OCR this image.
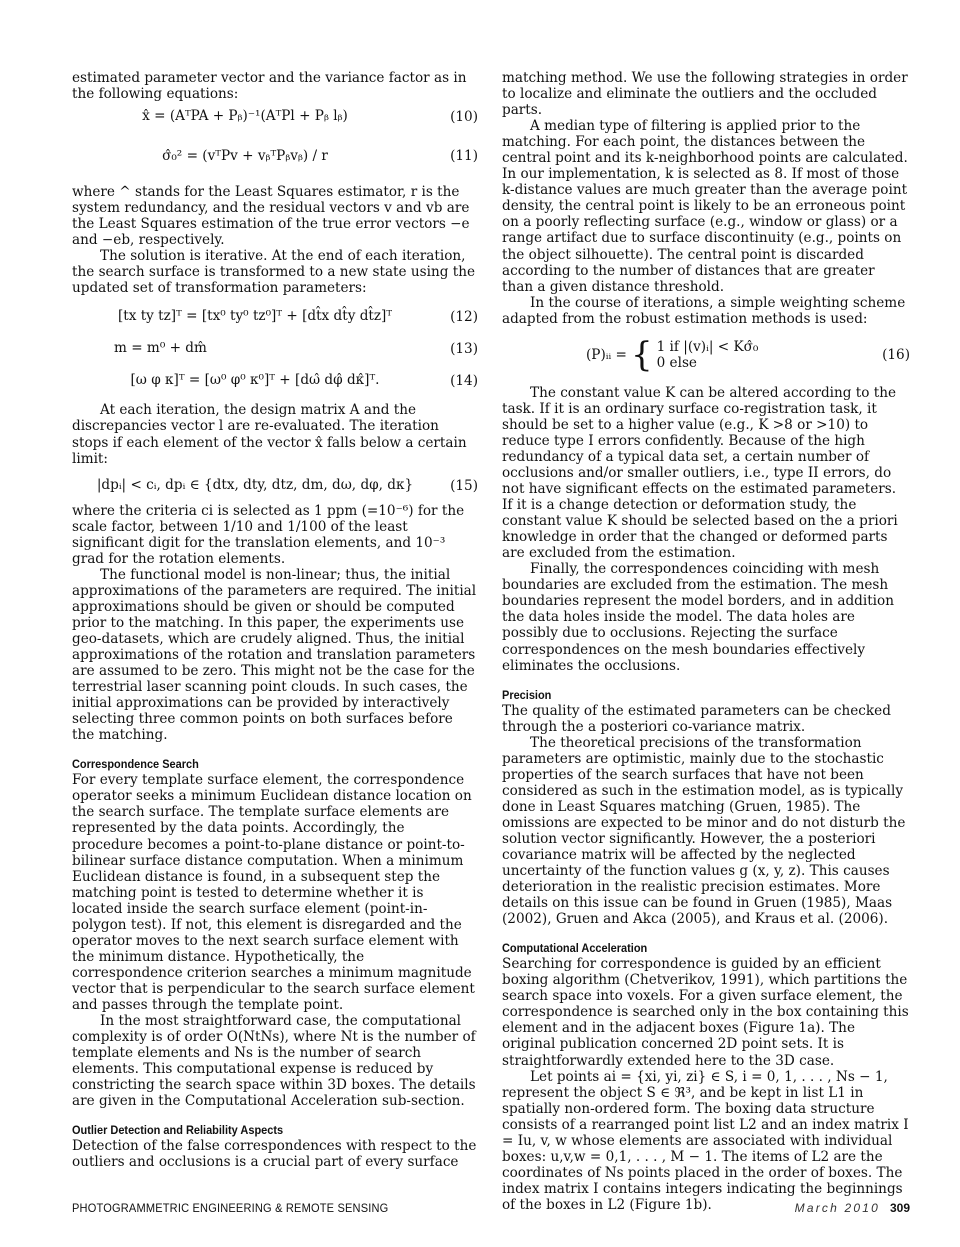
estimated parameter vector and the variance factor as in the following equations:

x̂ = (AᵀPA + Pᵦ)⁻¹(AᵀPl + Pᵦ lᵦ)	(10)
σ̂₀² = (vᵀPv + vᵦᵀPᵦvᵦ) / r	(11)

where ^ stands for the Least Squares estimator, r is the system redundancy, and the residual vectors v and vb are the Least Squares estimation of the true error vectors −e and −eb, respectively.

The solution is iterative. At the end of each iteration, the search surface is transformed to a new state using the updated set of transformation parameters:

[tx ty tz]ᵀ = [tx⁰ ty⁰ tz⁰]ᵀ + [dt̂x dt̂y dt̂z]ᵀ	(12)
m = m⁰ + dm̂	(13)
[ω φ κ]ᵀ = [ω⁰ φ⁰ κ⁰]ᵀ + [dω̂ dφ̂ dκ̂]ᵀ.	(14)

At each iteration, the design matrix A and the discrepancies vector l are re-evaluated. The iteration stops if each element of the vector x̂ falls below a certain limit:

|dpᵢ| < cᵢ, dpᵢ ∈ {dtx, dty, dtz, dm, dω, dφ, dκ}	(15)

where the criteria ci is selected as 1 ppm (=10⁻⁶) for the scale factor, between 1/10 and 1/100 of the least significant digit for the translation elements, and 10⁻³ grad for the rotation elements.

The functional model is non-linear; thus, the initial approximations of the parameters are required. The initial approximations should be given or should be computed prior to the matching. In this paper, the experiments use geo-datasets, which are crudely aligned. Thus, the initial approximations of the rotation and translation parameters are assumed to be zero. This might not be the case for the terrestrial laser scanning point clouds. In such cases, the initial approximations can be provided by interactively selecting three common points on both surfaces before the matching.

Correspondence Search

For every template surface element, the correspondence operator seeks a minimum Euclidean distance location on the search surface. The template surface elements are represented by the data points. Accordingly, the procedure becomes a point-to-plane distance or point-to-bilinear surface distance computation. When a minimum Euclidean distance is found, in a subsequent step the matching point is tested to determine whether it is located inside the search surface element (point-in-polygon test). If not, this element is disregarded and the operator moves to the next search surface element with the minimum distance. Hypothetically, the correspondence criterion searches a minimum magnitude vector that is perpendicular to the search surface element and passes through the template point.

In the most straightforward case, the computational complexity is of order O(NtNs), where Nt is the number of template elements and Ns is the number of search elements. This computational expense is reduced by constricting the search space within 3D boxes. The details are given in the Computational Acceleration sub-section.

Outlier Detection and Reliability Aspects

Detection of the false correspondences with respect to the outliers and occlusions is a crucial part of every surface

matching method. We use the following strategies in order to localize and eliminate the outliers and the occluded parts.

A median type of filtering is applied prior to the matching. For each point, the distances between the central point and its k-neighborhood points are calculated. In our implementation, k is selected as 8. If most of those k-distance values are much greater than the average point density, the central point is likely to be an erroneous point on a poorly reflecting surface (e.g., window or glass) or a range artifact due to surface discontinuity (e.g., points on the object silhouette). The central point is discarded according to the number of distances that are greater than a given distance threshold.

In the course of iterations, a simple weighting scheme adapted from the robust estimation methods is used:

(P)ᵢᵢ = { 1 if |(v)ᵢ| < Kσ̂₀
0 else
(16)

The constant value K can be altered according to the task. If it is an ordinary surface co-registration task, it should be set to a higher value (e.g., K >8 or >10) to reduce type I errors confidently. Because of the high redundancy of a typical data set, a certain number of occlusions and/or smaller outliers, i.e., type II errors, do not have significant effects on the estimated parameters. If it is a change detection or deformation study, the constant value K should be selected based on the a priori knowledge in order that the changed or deformed parts are excluded from the estimation.

Finally, the correspondences coinciding with mesh boundaries are excluded from the estimation. The mesh boundaries represent the model borders, and in addition the data holes inside the model. The data holes are possibly due to occlusions. Rejecting the surface correspondences on the mesh boundaries effectively eliminates the occlusions.

Precision

The quality of the estimated parameters can be checked through the a posteriori co-variance matrix.

The theoretical precisions of the transformation parameters are optimistic, mainly due to the stochastic properties of the search surfaces that have not been considered as such in the estimation model, as is typically done in Least Squares matching (Gruen, 1985). The omissions are expected to be minor and do not disturb the solution vector significantly. However, the a posteriori covariance matrix will be affected by the neglected uncertainty of the function values g (x, y, z). This causes deterioration in the realistic precision estimates. More details on this issue can be found in Gruen (1985), Maas (2002), Gruen and Akca (2005), and Kraus et al. (2006).

Computational Acceleration

Searching for correspondence is guided by an efficient boxing algorithm (Chetverikov, 1991), which partitions the search space into voxels. For a given surface element, the correspondence is searched only in the box containing this element and in the adjacent boxes (Figure 1a). The original publication concerned 2D point sets. It is straightforwardly extended here to the 3D case.

Let points ai = {xi, yi, zi} ∈ S, i = 0, 1, . . . , Ns − 1, represent the object S ∈ ℜ³, and be kept in list L1 in spatially non-ordered form. The boxing data structure consists of a rearranged point list L2 and an index matrix I = Iu, v, w whose elements are associated with individual boxes: u,v,w = 0,1, . . . , M − 1. The items of L2 are the coordinates of Ns points placed in the order of boxes. The index matrix I contains integers indicating the beginnings of the boxes in L2 (Figure 1b).

PHOTOGRAMMETRIC ENGINEERING & REMOTE SENSING	March 2010 309
